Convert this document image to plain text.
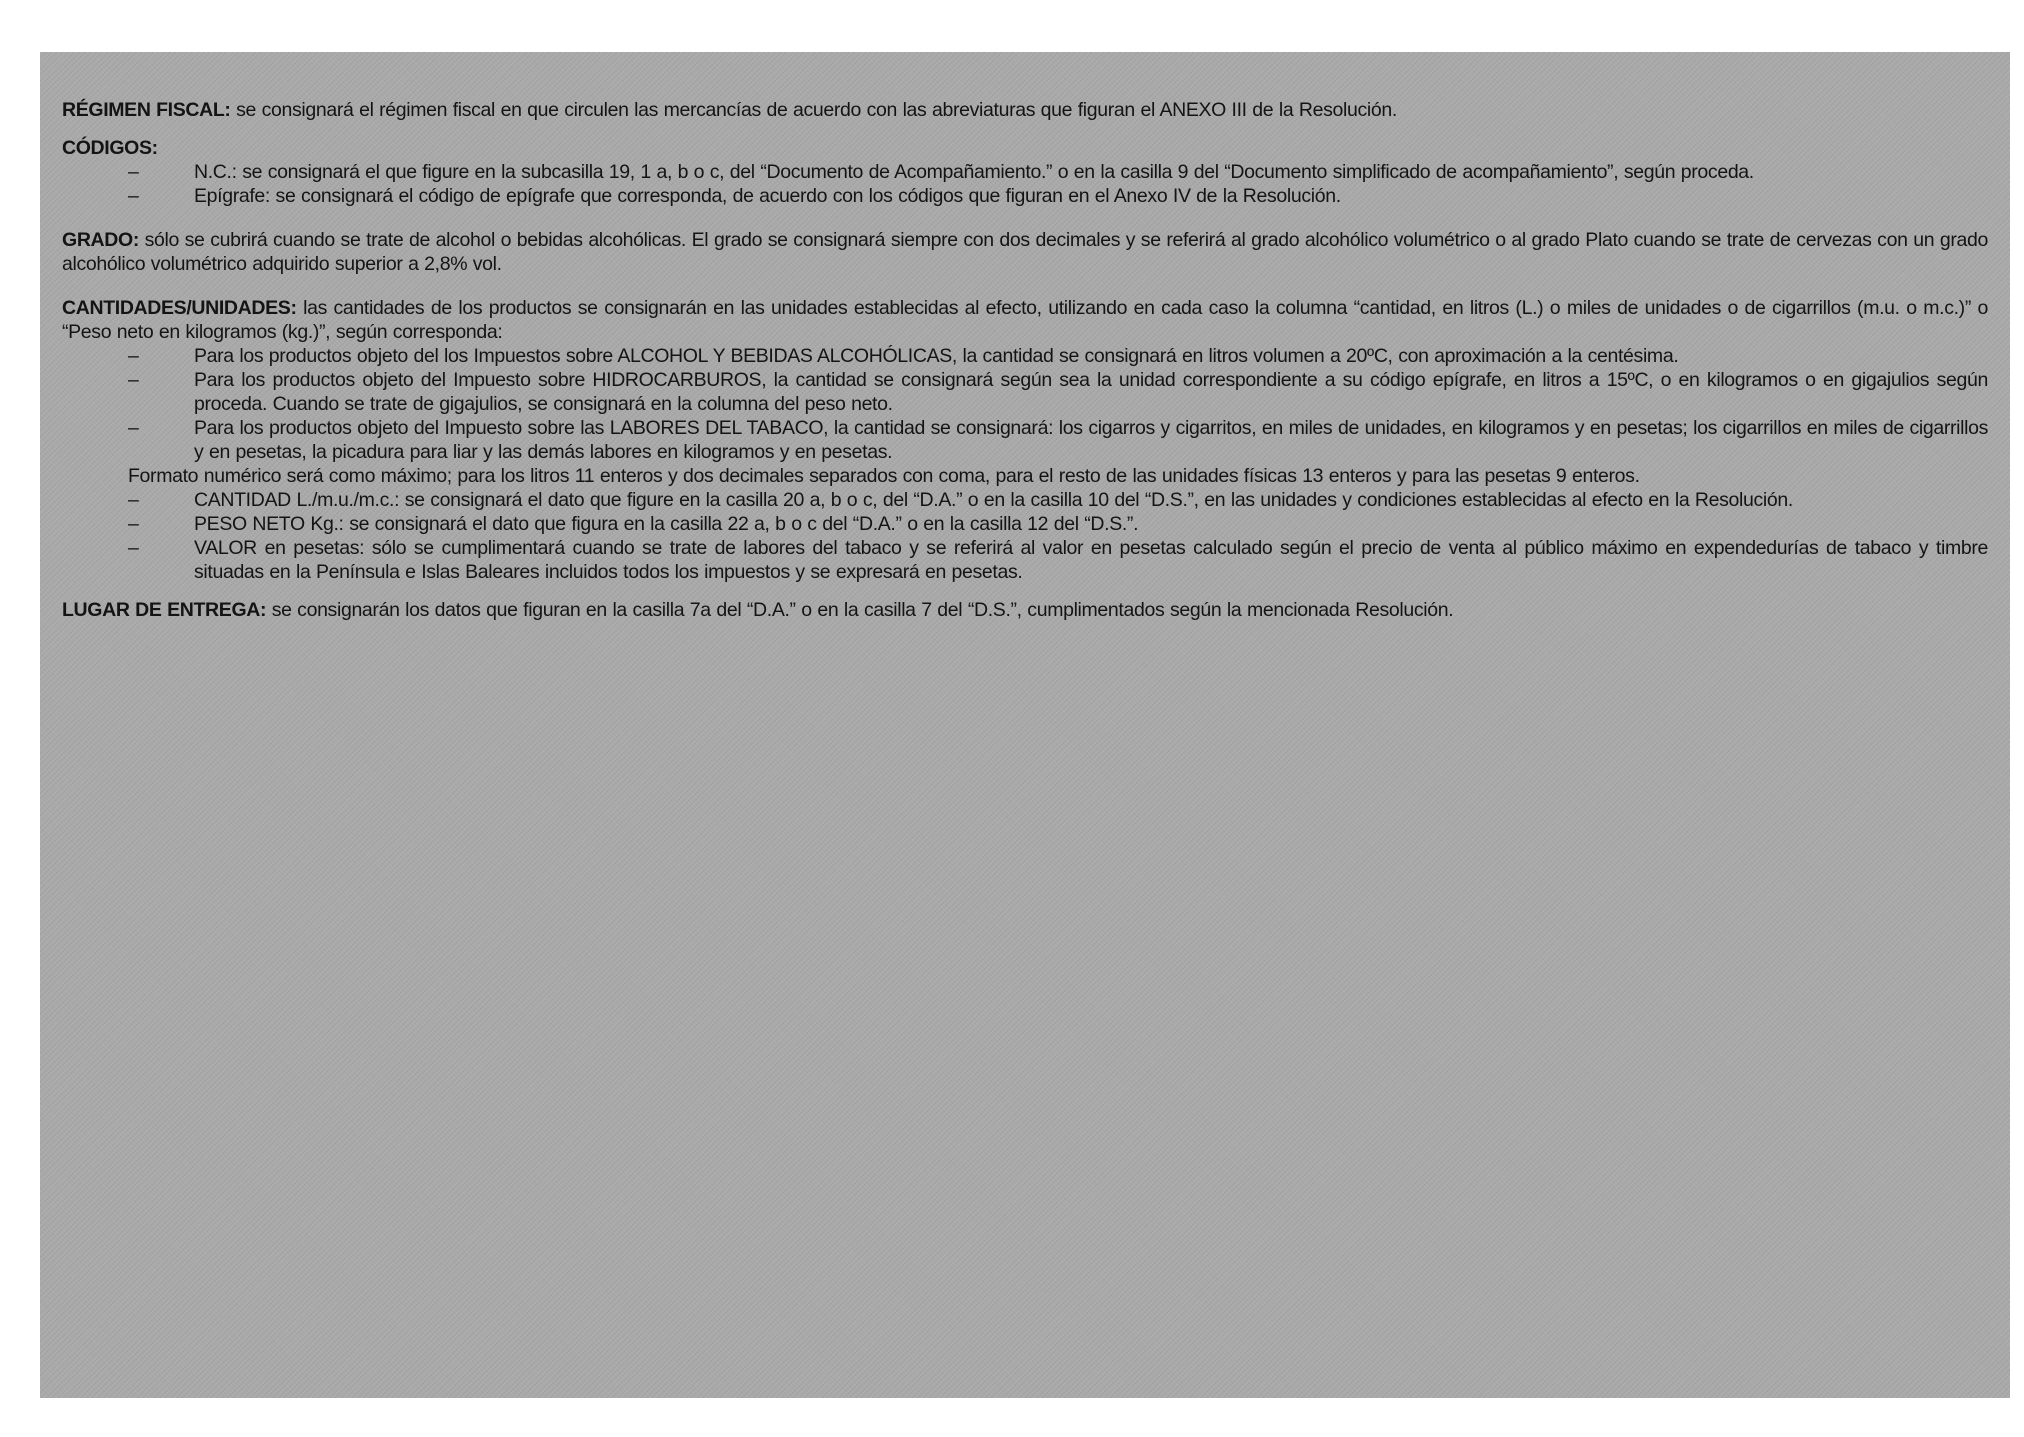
RÉGIMEN FISCAL: se consignará el régimen fiscal en que circulen las mercancías de acuerdo con las abreviaturas que figuran el ANEXO III de la Resolución.

CÓDIGOS:

–	N.C.: se consignará el que figure en la subcasilla 19, 1 a, b o c, del “Documento de Acompañamiento.” o en la casilla 9 del “Documento simplificado de acompañamiento”, según proceda.

–	Epígrafe: se consignará el código de epígrafe que corresponda, de acuerdo con los códigos que figuran en el Anexo IV de la Resolución.

GRADO: sólo se cubrirá cuando se trate de alcohol o bebidas alcohólicas. El grado se consignará siempre con dos decimales y se referirá al grado alcohólico volumétrico o al grado Plato cuando se trate de cervezas con un grado alcohólico volumétrico adquirido superior a 2,8% vol.

CANTIDADES/UNIDADES: las cantidades de los productos se consignarán en las unidades establecidas al efecto, utilizando en cada caso la columna “cantidad, en litros (L.) o miles de unidades o de cigarrillos (m.u. o m.c.)” o “Peso neto en kilogramos (kg.)”, según corresponda:

–	Para los productos objeto del los Impuestos sobre ALCOHOL Y BEBIDAS ALCOHÓLICAS, la cantidad se consignará en litros volumen a 20ºC, con aproximación a la centésima.

–	Para los productos objeto del Impuesto sobre HIDROCARBUROS, la cantidad se consignará según sea la unidad correspondiente a su código epígrafe, en litros a 15ºC, o en kilogramos o en gigajulios según proceda. Cuando se trate de gigajulios, se consignará en la columna del peso neto.

–	Para los productos objeto del Impuesto sobre las LABORES DEL TABACO, la cantidad se consignará: los cigarros y cigarritos, en miles de unidades, en kilogramos y en pesetas; los cigarrillos en miles de cigarrillos y en pesetas, la picadura para liar y las demás labores en kilogramos y en pesetas.

Formato numérico será como máximo; para los litros 11 enteros y dos decimales separados con coma, para el resto de las unidades físicas 13 enteros y para las pesetas 9 enteros.

–	CANTIDAD L./m.u./m.c.: se consignará el dato que figure en la casilla 20 a, b o c, del “D.A.” o en la casilla 10 del “D.S.”, en las unidades y condiciones establecidas al efecto en la Resolución.

–	PESO NETO Kg.: se consignará el dato que figura en la casilla 22 a, b o c del “D.A.” o en la casilla 12 del “D.S.”.

–	VALOR en pesetas: sólo se cumplimentará cuando se trate de labores del tabaco y se referirá al valor en pesetas calculado según el precio de venta al público máximo en expendedurías de tabaco y timbre situadas en la Península e Islas Baleares incluidos todos los impuestos y se expresará en pesetas.

LUGAR DE ENTREGA: se consignarán los datos que figuran en la casilla 7a del “D.A.” o en la casilla 7 del “D.S.”, cumplimentados según la mencionada Resolución.
